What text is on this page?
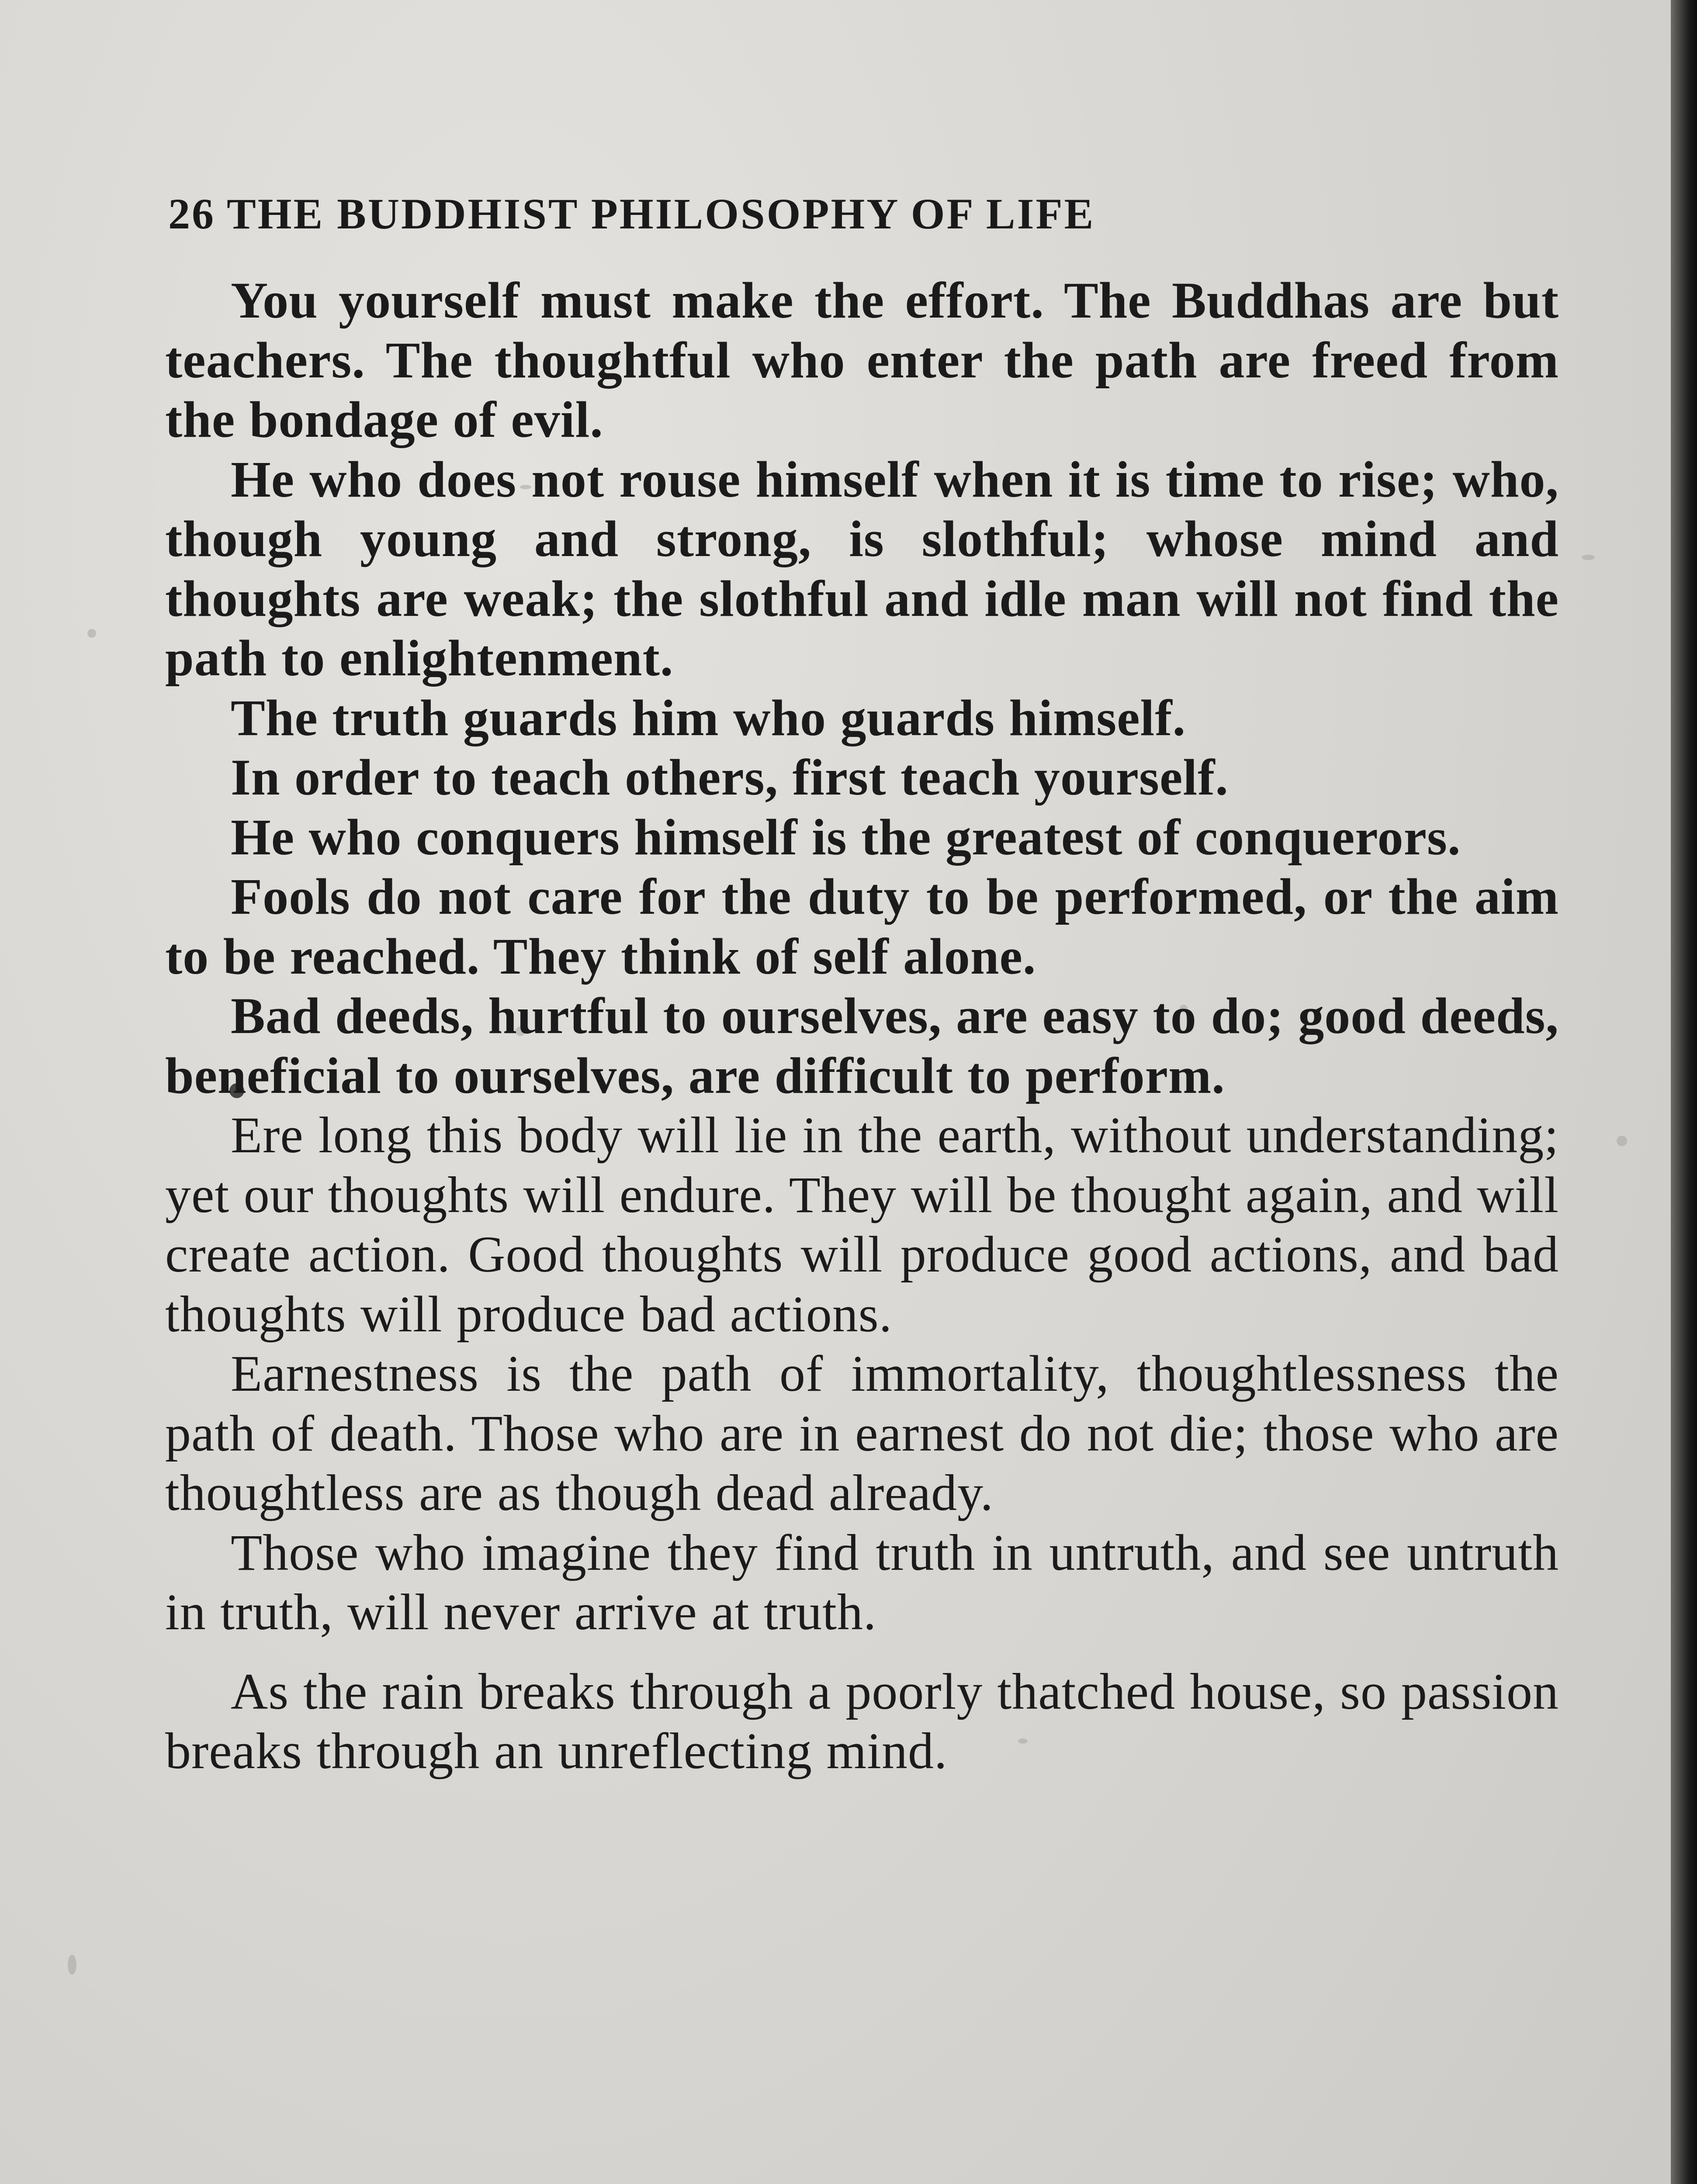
26 THE BUDDHIST PHILOSOPHY OF LIFE

You yourself must make the effort. The Buddhas are but teachers. The thoughtful who enter the path are freed from the bondage of evil.

He who does not rouse himself when it is time to rise; who, though young and strong, is slothful; whose mind and thoughts are weak; the slothful and idle man will not find the path to enlightenment.

The truth guards him who guards himself.

In order to teach others, first teach yourself.

He who conquers himself is the greatest of conquerors.

Fools do not care for the duty to be performed, or the aim to be reached. They think of self alone.

Bad deeds, hurtful to ourselves, are easy to do; good deeds, beneficial to ourselves, are difficult to perform.

Ere long this body will lie in the earth, without understanding; yet our thoughts will endure. They will be thought again, and will create action. Good thoughts will produce good actions, and bad thoughts will produce bad actions.

Earnestness is the path of immortality, thoughtlessness the path of death. Those who are in earnest do not die; those who are thoughtless are as though dead already.

Those who imagine they find truth in untruth, and see untruth in truth, will never arrive at truth.

As the rain breaks through a poorly thatched house, so passion breaks through an unreflecting mind.
